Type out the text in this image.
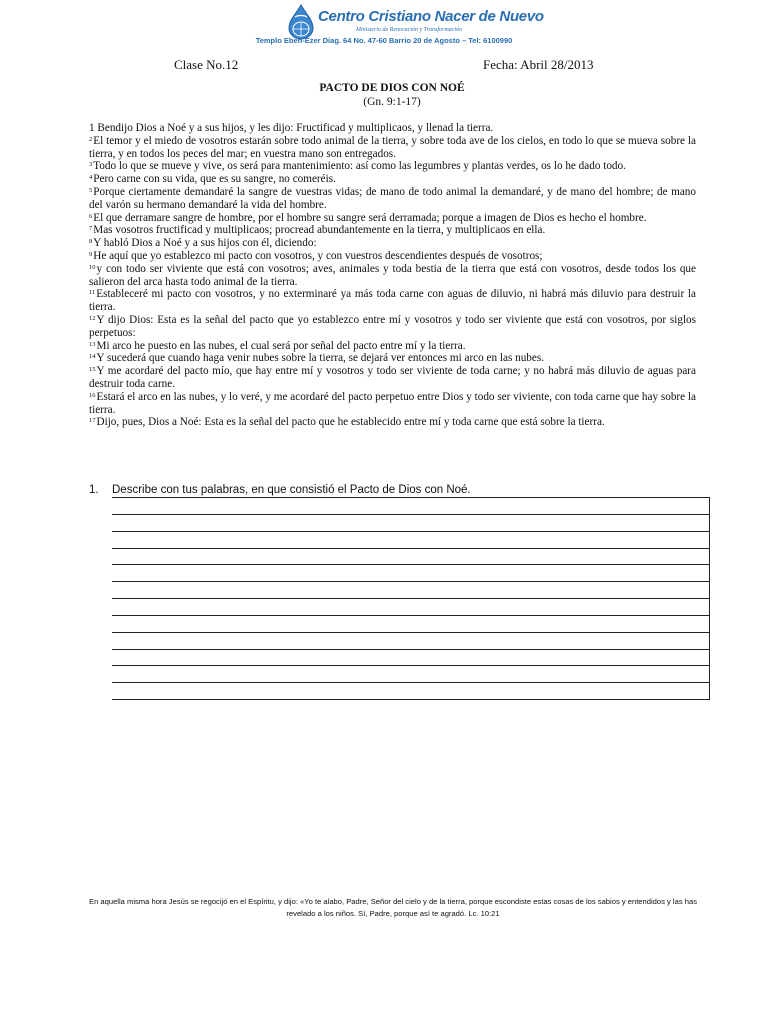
Centro Cristiano Nacer de Nuevo
Ministerio de Renovación y Transformación
Templo Eben-Ezer Diag. 64 No. 47-60 Barrio 20 de Agosto – Tel: 6100990
Clase No.12	Fecha: Abril 28/2013
PACTO DE DIOS CON NOÉ
(Gn. 9:1-17)

1 Bendijo Dios a Noé y a sus hijos, y les dijo: Fructificad y multiplicaos, y llenad la tierra.

$^2$El temor y el miedo de vosotros estarán sobre todo animal de la tierra, y sobre toda ave de los cielos, en todo lo que se mueva sobre la tierra, y en todos los peces del mar; en vuestra mano son entregados.

$^3$Todo lo que se mueve y vive, os será para mantenimiento: así como las legumbres y plantas verdes, os lo he dado todo.

$^4$Pero carne con su vida, que es su sangre, no comeréis.

$^5$Porque ciertamente demandaré la sangre de vuestras vidas; de mano de todo animal la demandaré, y de mano del hombre; de mano del varón su hermano demandaré la vida del hombre.

$^6$El que derramare sangre de hombre, por el hombre su sangre será derramada; porque a imagen de Dios es hecho el hombre.

$^7$Mas vosotros fructificad y multiplicaos; procread abundantemente en la tierra, y multiplicaos en ella.

$^8$Y habló Dios a Noé y a sus hijos con él, diciendo:

$^9$He aquí que yo establezco mi pacto con vosotros, y con vuestros descendientes después de vosotros;

$^{10}$y con todo ser viviente que está con vosotros; aves, animales y toda bestia de la tierra que está con vosotros, desde todos los que salieron del arca hasta todo animal de la tierra.

$^{11}$Estableceré mi pacto con vosotros, y no exterminaré ya más toda carne con aguas de diluvio, ni habrá más diluvio para destruir la tierra.

$^{12}$Y dijo Dios: Esta es la señal del pacto que yo establezco entre mí y vosotros y todo ser viviente que está con vosotros, por siglos perpetuos:

$^{13}$Mi arco he puesto en las nubes, el cual será por señal del pacto entre mí y la tierra.

$^{14}$Y sucederá que cuando haga venir nubes sobre la tierra, se dejará ver entonces mi arco en las nubes.

$^{15}$Y me acordaré del pacto mío, que hay entre mí y vosotros y todo ser viviente de toda carne; y no habrá más diluvio de aguas para destruir toda carne.

$^{16}$Estará el arco en las nubes, y lo veré, y me acordaré del pacto perpetuo entre Dios y todo ser viviente, con toda carne que hay sobre la tierra.

$^{17}$Dijo, pues, Dios a Noé: Esta es la señal del pacto que he establecido entre mí y toda carne que está sobre la tierra.

1. Describe con tus palabras, en que consistió el Pacto de Dios con Noé.
En aquella misma hora Jesús se regocijó en el Espíritu, y dijo: «Yo te alabo, Padre, Señor del cielo y de la tierra, porque escondiste estas cosas de los sabios y entendidos y las has revelado a los niños. Sí, Padre, porque así te agradó. Lc. 10:21
